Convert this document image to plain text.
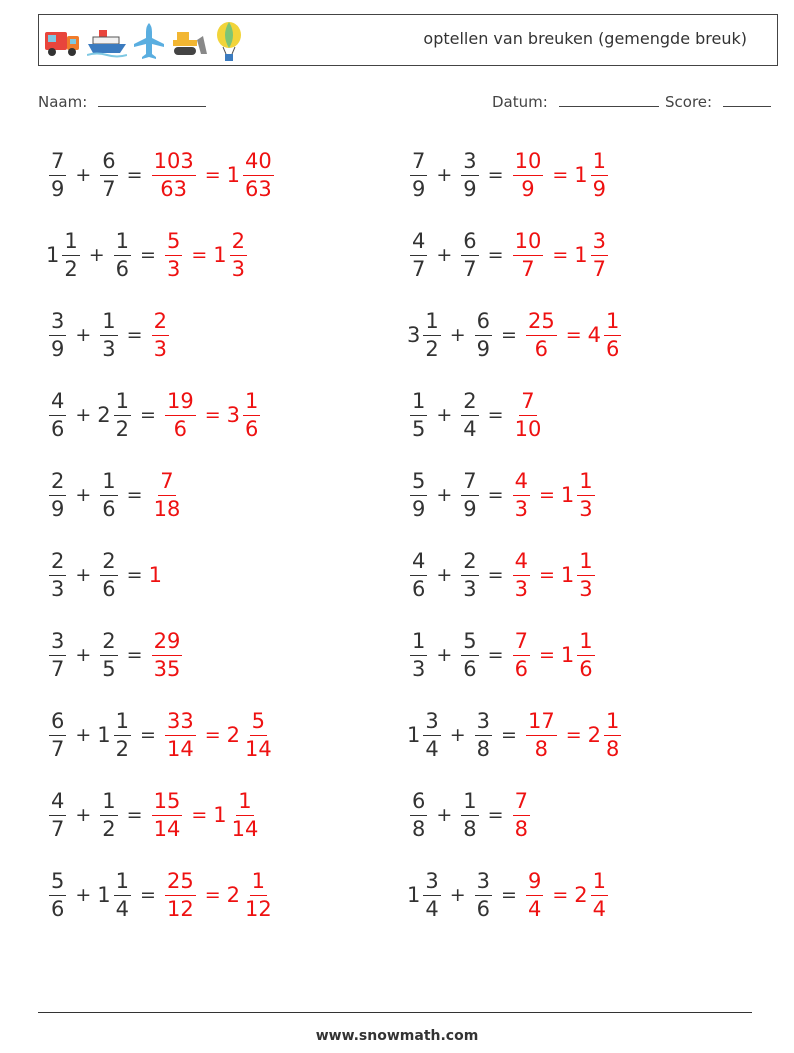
optellen van breuken (gemengde breuk)
Naam:	Datum:	Score:
$\frac{7}{9} + \frac{6}{7} = \frac{103}{63} = 1 \frac{40}{63}$
$1 \frac{1}{2} + \frac{1}{6} = \frac{5}{3} = 1 \frac{2}{3}$
$\frac{3}{9} + \frac{1}{3} = \frac{2}{3}$
$\frac{4}{6} + 2 \frac{1}{2} = \frac{19}{6} = 3 \frac{1}{6}$
$\frac{2}{9} + \frac{1}{6} = \frac{7}{18}$
$\frac{2}{3} + \frac{2}{6} = 1$
$\frac{3}{7} + \frac{2}{5} = \frac{29}{35}$
$\frac{6}{7} + 1 \frac{1}{2} = \frac{33}{14} = 2 \frac{5}{14}$
$\frac{4}{7} + \frac{1}{2} = \frac{15}{14} = 1 \frac{1}{14}$
$\frac{5}{6} + 1 \frac{1}{4} = \frac{25}{12} = 2 \frac{1}{12}$
$\frac{7}{9} + \frac{3}{9} = \frac{10}{9} = 1 \frac{1}{9}$
$\frac{4}{7} + \frac{6}{7} = \frac{10}{7} = 1 \frac{3}{7}$
$3 \frac{1}{2} + \frac{6}{9} = \frac{25}{6} = 4 \frac{1}{6}$
$\frac{1}{5} + \frac{2}{4} = \frac{7}{10}$
$\frac{5}{9} + \frac{7}{9} = \frac{4}{3} = 1 \frac{1}{3}$
$\frac{4}{6} + \frac{2}{3} = \frac{4}{3} = 1 \frac{1}{3}$
$\frac{1}{3} + \frac{5}{6} = \frac{7}{6} = 1 \frac{1}{6}$
$1 \frac{3}{4} + \frac{3}{8} = \frac{17}{8} = 2 \frac{1}{8}$
$\frac{6}{8} + \frac{1}{8} = \frac{7}{8}$
$1 \frac{3}{4} + \frac{3}{6} = \frac{9}{4} = 2 \frac{1}{4}$
www.snowmath.com
